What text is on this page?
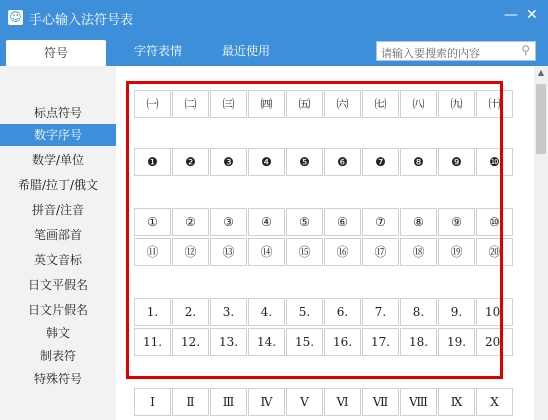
☺ 手心输入法符号表	— ✕
符号	字符表情	最近使用
请输入要搜索的内容	⚲
标点符号
数字序号
数学/单位
希腊/拉丁/俄文
拼音/注音
笔画部首
英文音标
日文平假名
日文片假名
韩文
制表符
特殊符号
㈠	㈡	㈢	㈣	㈤	㈥	㈦	㈧	㈨	㈩
❶	❷	❸	❹	❺	❻	❼	❽	❾	❿
①	②	③	④	⑤	⑥	⑦	⑧	⑨	⑩
⑪	⑫	⑬	⑭	⑮	⑯	⑰	⑱	⑲	⑳
1.	2.	3.	4.	5.	6.	7.	8.	9.	10.
11.	12.	13.	14.	15.	16.	17.	18.	19.	20.
Ⅰ	Ⅱ	Ⅲ	Ⅳ	Ⅴ	Ⅵ	Ⅶ	Ⅷ	Ⅸ	Ⅹ
▲
